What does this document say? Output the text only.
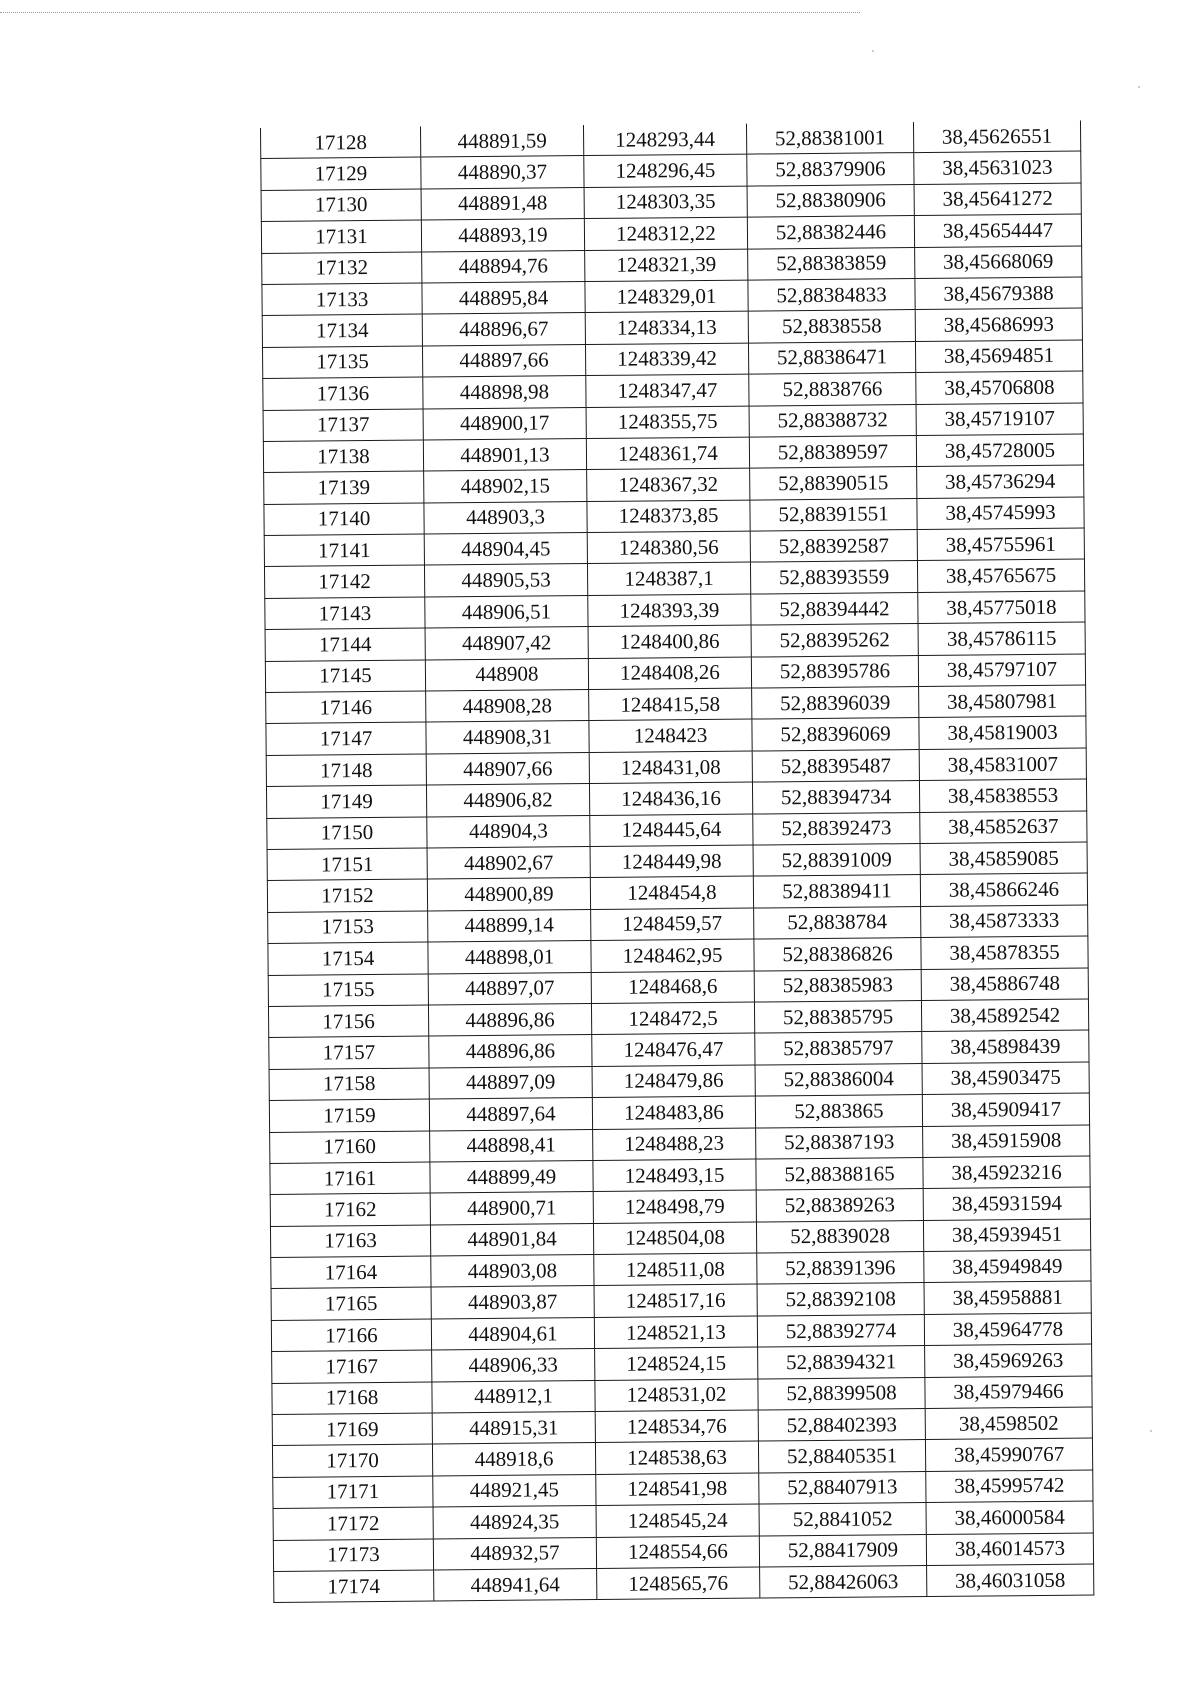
17128	448891,59	1248293,44	52,88381001	38,45626551
17129	448890,37	1248296,45	52,88379906	38,45631023
17130	448891,48	1248303,35	52,88380906	38,45641272
17131	448893,19	1248312,22	52,88382446	38,45654447
17132	448894,76	1248321,39	52,88383859	38,45668069
17133	448895,84	1248329,01	52,88384833	38,45679388
17134	448896,67	1248334,13	52,8838558	38,45686993
17135	448897,66	1248339,42	52,88386471	38,45694851
17136	448898,98	1248347,47	52,8838766	38,45706808
17137	448900,17	1248355,75	52,88388732	38,45719107
17138	448901,13	1248361,74	52,88389597	38,45728005
17139	448902,15	1248367,32	52,88390515	38,45736294
17140	448903,3	1248373,85	52,88391551	38,45745993
17141	448904,45	1248380,56	52,88392587	38,45755961
17142	448905,53	1248387,1	52,88393559	38,45765675
17143	448906,51	1248393,39	52,88394442	38,45775018
17144	448907,42	1248400,86	52,88395262	38,45786115
17145	448908	1248408,26	52,88395786	38,45797107
17146	448908,28	1248415,58	52,88396039	38,45807981
17147	448908,31	1248423	52,88396069	38,45819003
17148	448907,66	1248431,08	52,88395487	38,45831007
17149	448906,82	1248436,16	52,88394734	38,45838553
17150	448904,3	1248445,64	52,88392473	38,45852637
17151	448902,67	1248449,98	52,88391009	38,45859085
17152	448900,89	1248454,8	52,88389411	38,45866246
17153	448899,14	1248459,57	52,8838784	38,45873333
17154	448898,01	1248462,95	52,88386826	38,45878355
17155	448897,07	1248468,6	52,88385983	38,45886748
17156	448896,86	1248472,5	52,88385795	38,45892542
17157	448896,86	1248476,47	52,88385797	38,45898439
17158	448897,09	1248479,86	52,88386004	38,45903475
17159	448897,64	1248483,86	52,883865	38,45909417
17160	448898,41	1248488,23	52,88387193	38,45915908
17161	448899,49	1248493,15	52,88388165	38,45923216
17162	448900,71	1248498,79	52,88389263	38,45931594
17163	448901,84	1248504,08	52,8839028	38,45939451
17164	448903,08	1248511,08	52,88391396	38,45949849
17165	448903,87	1248517,16	52,88392108	38,45958881
17166	448904,61	1248521,13	52,88392774	38,45964778
17167	448906,33	1248524,15	52,88394321	38,45969263
17168	448912,1	1248531,02	52,88399508	38,45979466
17169	448915,31	1248534,76	52,88402393	38,4598502
17170	448918,6	1248538,63	52,88405351	38,45990767
17171	448921,45	1248541,98	52,88407913	38,45995742
17172	448924,35	1248545,24	52,8841052	38,46000584
17173	448932,57	1248554,66	52,88417909	38,46014573
17174	448941,64	1248565,76	52,88426063	38,46031058
